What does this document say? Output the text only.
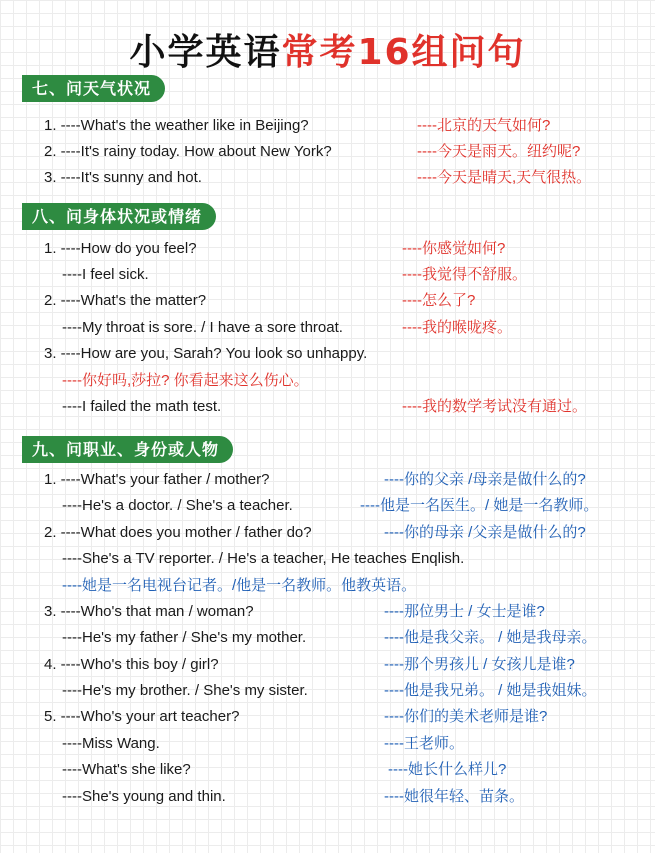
小学英语常考16组问句
七、问天气状况
1. ----What's the weather like in Beijing?	----北京的天气如何?
2. ----It's rainy today. How about New York?	----今天是雨天。纽约呢?
3. ----It's sunny and hot.	----今天是晴天,天气很热。
八、问身体状况或情绪
1. ----How do you feel?	----你感觉如何?
----I feel sick.	----我觉得不舒服。
2. ----What's the matter?	----怎么了?
----My throat is sore. / I have a sore throat.	----我的喉咙疼。
3. ----How are you, Sarah? You look so unhappy.
----你好吗,莎拉? 你看起来这么伤心。
----I failed the math test.	----我的数学考试没有通过。
九、问职业、身份或人物
1. ----What's your father / mother?	----你的父亲 /母亲是做什么的?
----He's a doctor. / She's a teacher.	----他是一名医生。/ 她是一名教师。
2. ----What does you mother / father do?	----你的母亲 /父亲是做什么的?
----She's a TV reporter. / He's a teacher, He teaches Enqlish.
----她是一名电视台记者。/他是一名教师。他教英语。
3. ----Who's that man / woman?	----那位男士 / 女士是谁?
----He's my father / She's my mother.	----他是我父亲。 / 她是我母亲。
4. ----Who's this boy / girl?	----那个男孩儿 / 女孩儿是谁?
----He's my brother. / She's my sister.	----他是我兄弟。 / 她是我姐妹。
5. ----Who's your art teacher?	----你们的美术老师是谁?
----Miss Wang.	----王老师。
----What's she like?	----她长什么样儿?
----She's young and thin.	----她很年轻、苗条。
